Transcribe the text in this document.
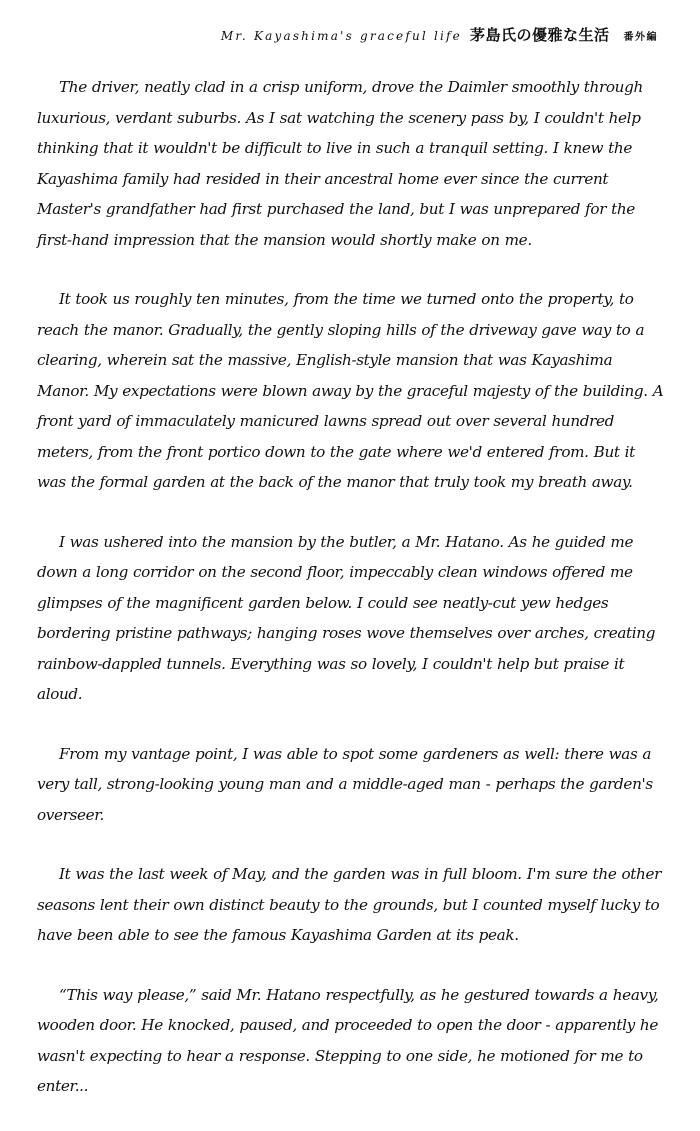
Mr. Kayashima's graceful life 茅島氏の優雅な生活 番外編

The driver, neatly clad in a crisp uniform, drove the Daimler smoothly through luxurious, verdant suburbs. As I sat watching the scenery pass by, I couldn't help thinking that it wouldn't be difficult to live in such a tranquil setting. I knew the Kayashima family had resided in their ancestral home ever since the current Master's grandfather had first purchased the land, but I was unprepared for the first-hand impression that the mansion would shortly make on me.

It took us roughly ten minutes, from the time we turned onto the property, to reach the manor. Gradually, the gently sloping hills of the driveway gave way to a clearing, wherein sat the massive, English-style mansion that was Kayashima Manor. My expectations were blown away by the graceful majesty of the building. A front yard of immaculately manicured lawns spread out over several hundred meters, from the front portico down to the gate where we'd entered from. But it was the formal garden at the back of the manor that truly took my breath away.

I was ushered into the mansion by the butler, a Mr. Hatano. As he guided me down a long corridor on the second floor, impeccably clean windows offered me glimpses of the magnificent garden below. I could see neatly-cut yew hedges bordering pristine pathways; hanging roses wove themselves over arches, creating rainbow-dappled tunnels. Everything was so lovely, I couldn't help but praise it aloud.

From my vantage point, I was able to spot some gardeners as well: there was a very tall, strong-looking young man and a middle-aged man - perhaps the garden's overseer.

It was the last week of May, and the garden was in full bloom. I'm sure the other seasons lent their own distinct beauty to the grounds, but I counted myself lucky to have been able to see the famous Kayashima Garden at its peak.

“This way please,” said Mr. Hatano respectfully, as he gestured towards a heavy, wooden door. He knocked, paused, and proceeded to open the door - apparently he wasn't expecting to hear a response. Stepping to one side, he motioned for me to enter...
